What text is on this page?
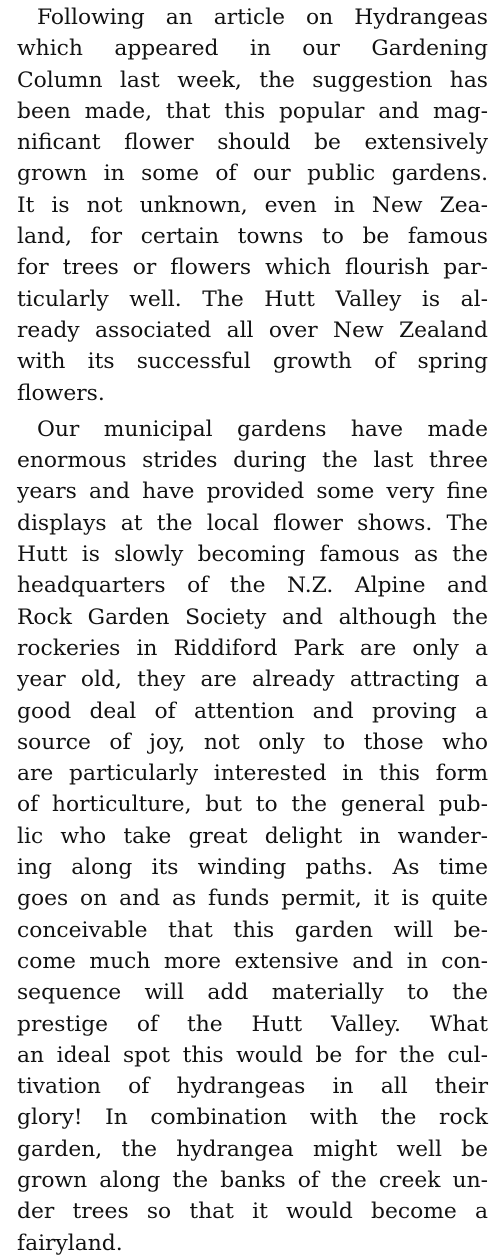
Following an article on Hydrangeas
which appeared in our Gardening
Column last week, the suggestion has
been made, that this popular and mag-
nificant flower should be extensively
grown in some of our public gardens.
It is not unknown, even in New Zea-
land, for certain towns to be famous
for trees or flowers which flourish par-
ticularly well. The Hutt Valley is al-
ready associated all over New Zealand
with its successful growth of spring
flowers.

Our municipal gardens have made
enormous strides during the last three
years and have provided some very fine
displays at the local flower shows. The
Hutt is slowly becoming famous as the
headquarters of the N.Z. Alpine and
Rock Garden Society and although the
rockeries in Riddiford Park are only a
year old, they are already attracting a
good deal of attention and proving a
source of joy, not only to those who
are particularly interested in this form
of horticulture, but to the general pub-
lic who take great delight in wander-
ing along its winding paths. As time
goes on and as funds permit, it is quite
conceivable that this garden will be-
come much more extensive and in con-
sequence will add materially to the
prestige of the Hutt Valley. What
an ideal spot this would be for the cul-
tivation of hydrangeas in all their
glory! In combination with the rock
garden, the hydrangea might well be
grown along the banks of the creek un-
der trees so that it would become a
fairyland.
